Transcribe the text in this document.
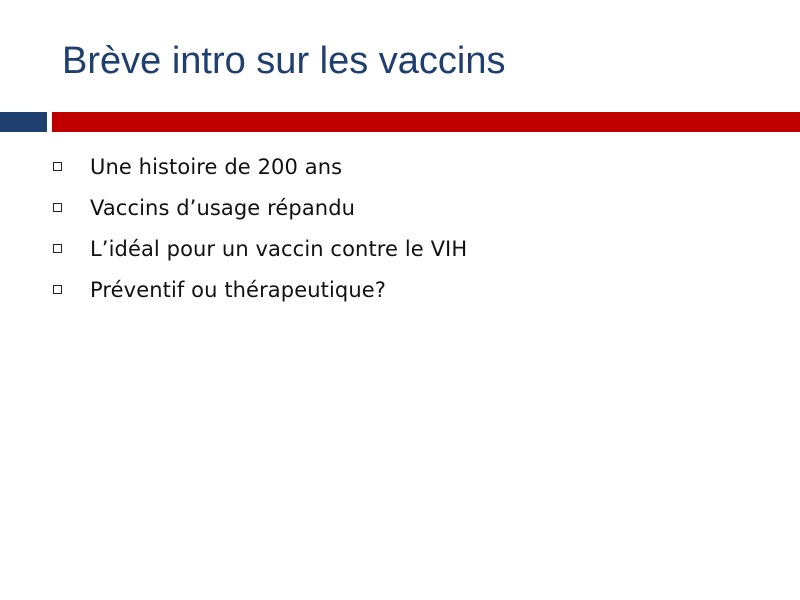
Brève intro sur les vaccins
Une histoire de 200 ans
Vaccins d’usage répandu
L’idéal pour un vaccin contre le VIH
Préventif ou thérapeutique?
